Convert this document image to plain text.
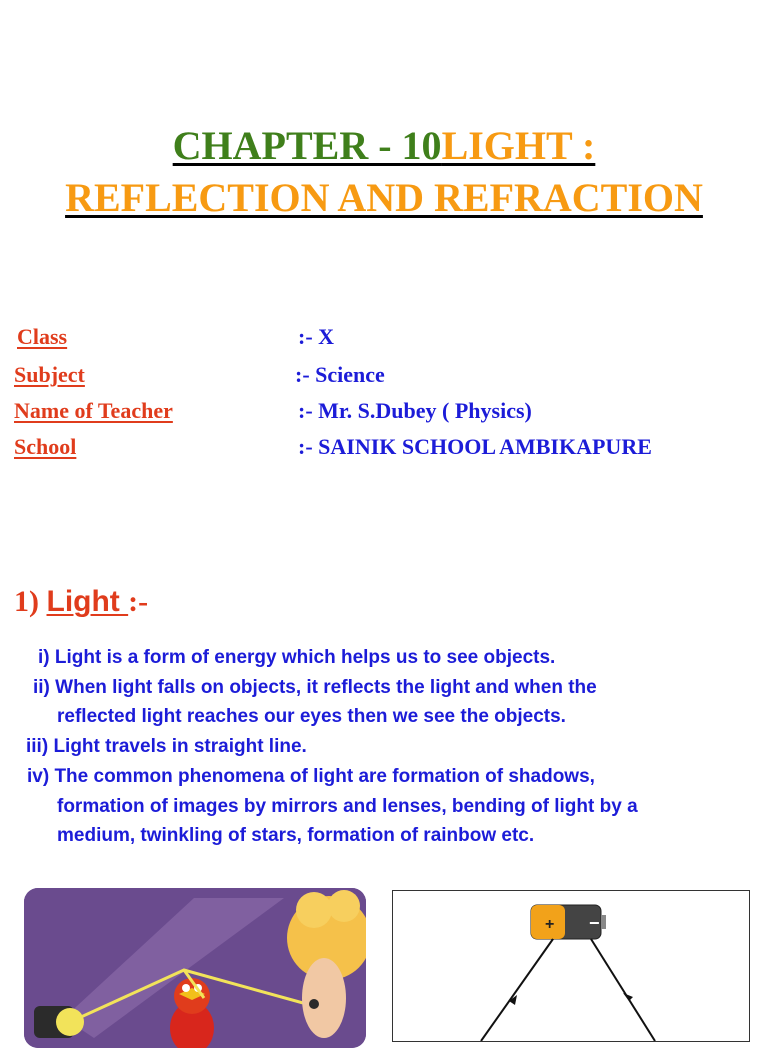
CHAPTER - 10LIGHT :
REFLECTION AND REFRACTION
Class	:- X
Subject	:- Science
Name of Teacher	:- Mr. S.Dubey ( Physics)
School	:- SAINIK SCHOOL AMBIKAPURE
1) Light :-
i) Light is a form of energy which helps us to see objects.
ii) When light falls on objects, it reflects the light and when the
reflected light reaches our eyes then we see the objects.
iii) Light travels in straight line.
iv) The common phenomena of light are formation of shadows,
formation of images by mirrors and lenses, bending of light by a
medium, twinkling of stars, formation of rainbow etc.
+ −
